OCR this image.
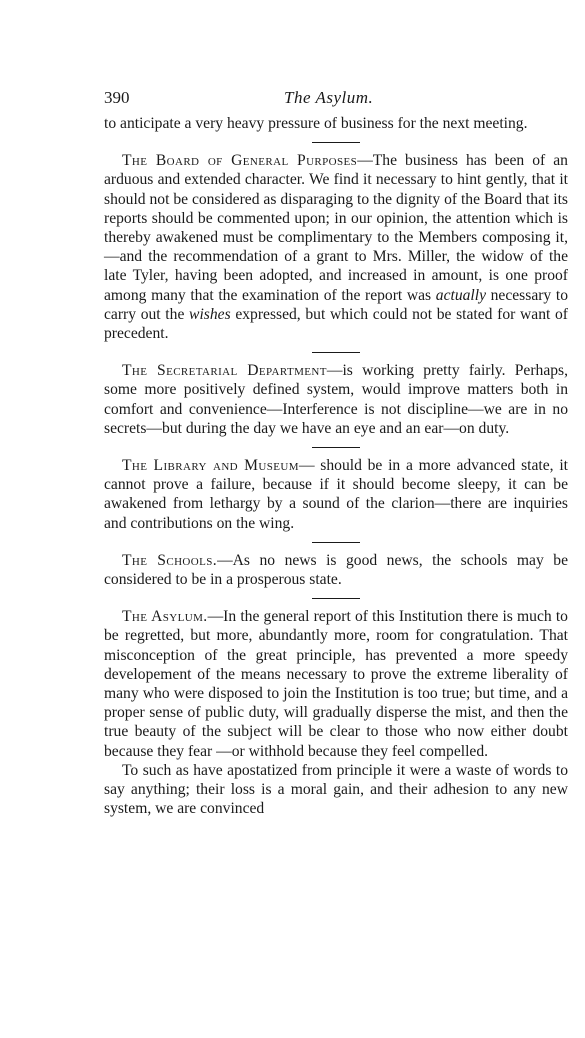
390	The Asylum.

to anticipate a very heavy pressure of business for the next meeting.

The Board of General Purposes—The business has been of an arduous and extended character. We find it necessary to hint gently, that it should not be considered as disparaging to the dignity of the Board that its reports should be commented upon; in our opinion, the attention which is thereby awakened must be complimentary to the Members composing it,—and the recommendation of a grant to Mrs. Miller, the widow of the late Tyler, having been adopted, and increased in amount, is one proof among many that the examination of the report was actually necessary to carry out the wishes expressed, but which could not be stated for want of precedent.

The Secretarial Department—is working pretty fairly. Perhaps, some more positively defined system, would improve matters both in comfort and convenience—Interference is not discipline—we are in no secrets—but during the day we have an eye and an ear—on duty.

The Library and Museum— should be in a more advanced state, it cannot prove a failure, because if it should become sleepy, it can be awakened from lethargy by a sound of the clarion—there are inquiries and contributions on the wing.

The Schools.—As no news is good news, the schools may be considered to be in a prosperous state.

The Asylum.—In the general report of this Institution there is much to be regretted, but more, abundantly more, room for congratulation. That misconception of the great principle, has prevented a more speedy developement of the means necessary to prove the extreme liberality of many who were disposed to join the Institution is too true; but time, and a proper sense of public duty, will gradually disperse the mist, and then the true beauty of the subject will be clear to those who now either doubt because they fear —or withhold because they feel compelled.

To such as have apostatized from principle it were a waste of words to say anything; their loss is a moral gain, and their adhesion to any new system, we are convinced
